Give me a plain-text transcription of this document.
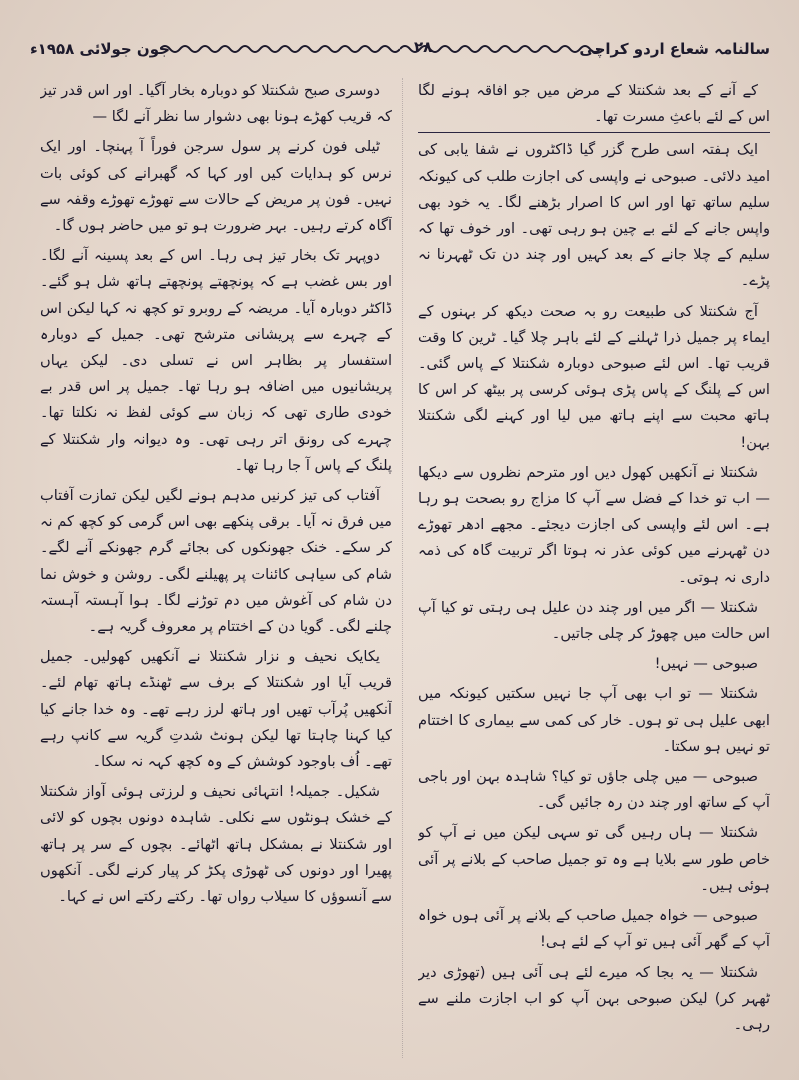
سالنامہ شعاع اردو کراچی
۲۸
جون جولائی ۱۹۵۸ء

کے آنے کے بعد شکنتلا کے مرض میں جو افاقہ ہونے لگا اس کے لئے باعثِ مسرت تھا۔

ایک ہفتہ اسی طرح گزر گیا ڈاکٹروں نے شفا یابی کی امید دلائی۔ صبوحی نے واپسی کی اجازت طلب کی کیونکہ سلیم ساتھ تھا اور اس کا اصرار بڑھنے لگا۔ یہ خود بھی واپس جانے کے لئے بے چین ہو رہی تھی۔ اور خوف تھا کہ سلیم کے چلا جانے کے بعد کہیں اور چند دن تک ٹھہرنا نہ پڑے۔

آج شکنتلا کی طبیعت رو بہ صحت دیکھ کر بہنوں کے ایماء پر جمیل ذرا ٹہلنے کے لئے باہر چلا گیا۔ ٹرین کا وقت قریب تھا۔ اس لئے صبوحی دوبارہ شکنتلا کے پاس گئی۔ اس کے پلنگ کے پاس پڑی ہوئی کرسی پر بیٹھ کر اس کا ہاتھ محبت سے اپنے ہاتھ میں لیا اور کہنے لگی شکنتلا بہن!

شکنتلا نے آنکھیں کھول دیں اور مترحم نظروں سے دیکھا — اب تو خدا کے فضل سے آپ کا مزاج رو بصحت ہو رہا ہے۔ اس لئے واپسی کی اجازت دیجئے۔ مجھے ادھر تھوڑے دن ٹھہرنے میں کوئی عذر نہ ہوتا اگر تربیت گاہ کی ذمہ داری نہ ہوتی۔

شکنتلا — اگر میں اور چند دن علیل ہی رہتی تو کیا آپ اس حالت میں چھوڑ کر چلی جاتیں۔

صبوحی — نہیں!

شکنتلا — تو اب بھی آپ جا نہیں سکتیں کیونکہ میں ابھی علیل ہی تو ہوں۔ خار کی کمی سے بیماری کا اختتام تو نہیں ہو سکتا۔

صبوحی — میں چلی جاؤں تو کیا؟ شاہدہ بہن اور باجی آپ کے ساتھ اور چند دن رہ جائیں گی۔

شکنتلا — ہاں رہیں گی تو سہی لیکن میں نے آپ کو خاص طور سے بلایا ہے وہ تو جمیل صاحب کے بلانے پر آئی ہوئی ہیں۔

صبوحی — خواہ جمیل صاحب کے بلانے پر آئی ہوں خواہ آپ کے گھر آئی ہیں تو آپ کے لئے ہی!

شکنتلا — یہ بجا کہ میرے لئے ہی آئی ہیں (تھوڑی دیر ٹھہر کر) لیکن صبوحی بہن آپ کو اب اجازت ملنے سے رہی۔

دوسری صبح شکنتلا کو دوبارہ بخار آگیا۔ اور اس قدر تیز کہ قریب کھڑے ہونا بھی دشوار سا نظر آنے لگا —

ٹیلی فون کرنے پر سول سرجن فوراً آ پہنچا۔ اور ایک نرس کو ہدایات کیں اور کہا کہ گھبرانے کی کوئی بات نہیں۔ فون پر مریض کے حالات سے تھوڑے تھوڑے وقفہ سے آگاہ کرتے رہیں۔ بہر ضرورت ہو تو میں حاضر ہوں گا۔

دوپہر تک بخار تیز ہی رہا۔ اس کے بعد پسینہ آنے لگا۔ اور بس غضب ہے کہ پونچھتے پونچھتے ہاتھ شل ہو گئے۔ ڈاکٹر دوبارہ آیا۔ مریضہ کے روبرو تو کچھ نہ کہا لیکن اس کے چہرے سے پریشانی مترشح تھی۔ جمیل کے دوبارہ استفسار پر بظاہر اس نے تسلی دی۔ لیکن یہاں پریشانیوں میں اضافہ ہو رہا تھا۔ جمیل پر اس قدر بے خودی طاری تھی کہ زبان سے کوئی لفظ نہ نکلتا تھا۔ چہرے کی رونق اتر رہی تھی۔ وہ دیوانہ وار شکنتلا کے پلنگ کے پاس آ جا رہا تھا۔

آفتاب کی تیز کرنیں مدہم ہونے لگیں لیکن تمازت آفتاب میں فرق نہ آیا۔ برقی پنکھے بھی اس گرمی کو کچھ کم نہ کر سکے۔ خنک جھونکوں کی بجائے گرم جھونکے آنے لگے۔ شام کی سیاہی کائنات پر پھیلنے لگی۔ روشن و خوش نما دن شام کی آغوش میں دم توڑنے لگا۔ ہوا آہستہ آہستہ چلنے لگی۔ گویا دن کے اختتام پر معروف گریہ ہے۔

یکایک نحیف و نزار شکنتلا نے آنکھیں کھولیں۔ جمیل قریب آیا اور شکنتلا کے برف سے ٹھنڈے ہاتھ تھام لئے۔ آنکھیں پُرآب تھیں اور ہاتھ لرز رہے تھے۔ وہ خدا جانے کیا کیا کہنا چاہتا تھا لیکن ہونٹ شدتِ گریہ سے کانپ رہے تھے۔ اُف باوجود کوشش کے وہ کچھ کہہ نہ سکا۔

شکیل۔ جمیلہ! انتہائی نحیف و لرزتی ہوئی آواز شکنتلا کے خشک ہونٹوں سے نکلی۔ شاہدہ دونوں بچوں کو لائی اور شکنتلا نے بمشکل ہاتھ اٹھائے۔ بچوں کے سر پر ہاتھ پھیرا اور دونوں کی ٹھوڑی پکڑ کر پیار کرنے لگی۔ آنکھوں سے آنسوؤں کا سیلاب رواں تھا۔ رکتے رکتے اس نے کہا۔
